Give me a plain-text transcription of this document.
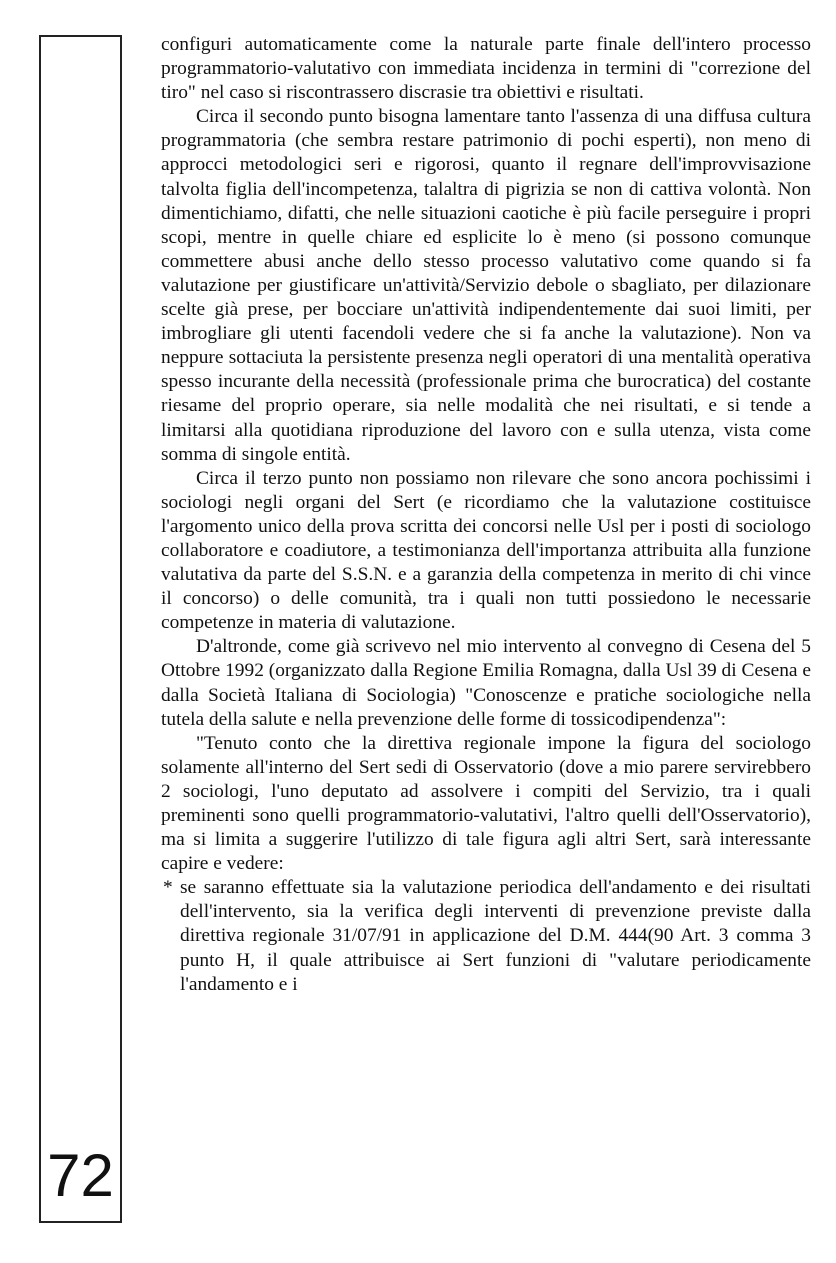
72

configuri automaticamente come la naturale parte finale dell'intero processo programmatorio-valutativo con immediata incidenza in termini di "correzione del tiro" nel caso si riscontrassero discrasie tra obiettivi e risultati.

Circa il secondo punto bisogna lamentare tanto l'assenza di una diffusa cultura programmatoria (che sembra restare patrimonio di pochi esperti), non meno di approcci metodologici seri e rigorosi, quanto il regnare dell'improvvisazione talvolta figlia dell'incompetenza, talaltra di pigrizia se non di cattiva volontà. Non dimentichiamo, difatti, che nelle situazioni caotiche è più facile perseguire i propri scopi, mentre in quelle chiare ed esplicite lo è meno (si possono comunque commettere abusi anche dello stesso processo valutativo come quando si fa valutazione per giustificare un'attività/Servizio debole o sbagliato, per dilazionare scelte già prese, per bocciare un'attività indipendentemente dai suoi limiti, per imbrogliare gli utenti facendoli vedere che si fa anche la valutazione). Non va neppure sottaciuta la persistente presenza negli operatori di una mentalità operativa spesso incurante della necessità (professionale prima che burocratica) del costante riesame del proprio operare, sia nelle modalità che nei risultati, e si tende a limitarsi alla quotidiana riproduzione del lavoro con e sulla utenza, vista come somma di singole entità.

Circa il terzo punto non possiamo non rilevare che sono ancora pochissimi i sociologi negli organi del Sert (e ricordiamo che la valutazione costituisce l'argomento unico della prova scritta dei concorsi nelle Usl per i posti di sociologo collaboratore e coadiutore, a testimonianza dell'importanza attribuita alla funzione valutativa da parte del S.S.N. e a garanzia della competenza in merito di chi vince il concorso) o delle comunità, tra i quali non tutti possiedono le necessarie competenze in materia di valutazione.

D'altronde, come già scrivevo nel mio intervento al convegno di Cesena del 5 Ottobre 1992 (organizzato dalla Regione Emilia Romagna, dalla Usl 39 di Cesena e dalla Società Italiana di Sociologia) "Conoscenze e pratiche sociologiche nella tutela della salute e nella prevenzione delle forme di tossicodipendenza":

"Tenuto conto che la direttiva regionale impone la figura del sociologo solamente all'interno del Sert sedi di Osservatorio (dove a mio parere servirebbero 2 sociologi, l'uno deputato ad assolvere i compiti del Servizio, tra i quali preminenti sono quelli programmatorio-valutativi, l'altro quelli dell'Osservatorio), ma si limita a suggerire l'utilizzo di tale figura agli altri Sert, sarà interessante capire e vedere:

* se saranno effettuate sia la valutazione periodica dell'andamento e dei risultati dell'intervento, sia la verifica degli interventi di prevenzione previste dalla direttiva regionale 31/07/91 in applicazione del D.M. 444(90 Art. 3 comma 3 punto H, il quale attribuisce ai Sert funzioni di "valutare periodicamente l'andamento e i
